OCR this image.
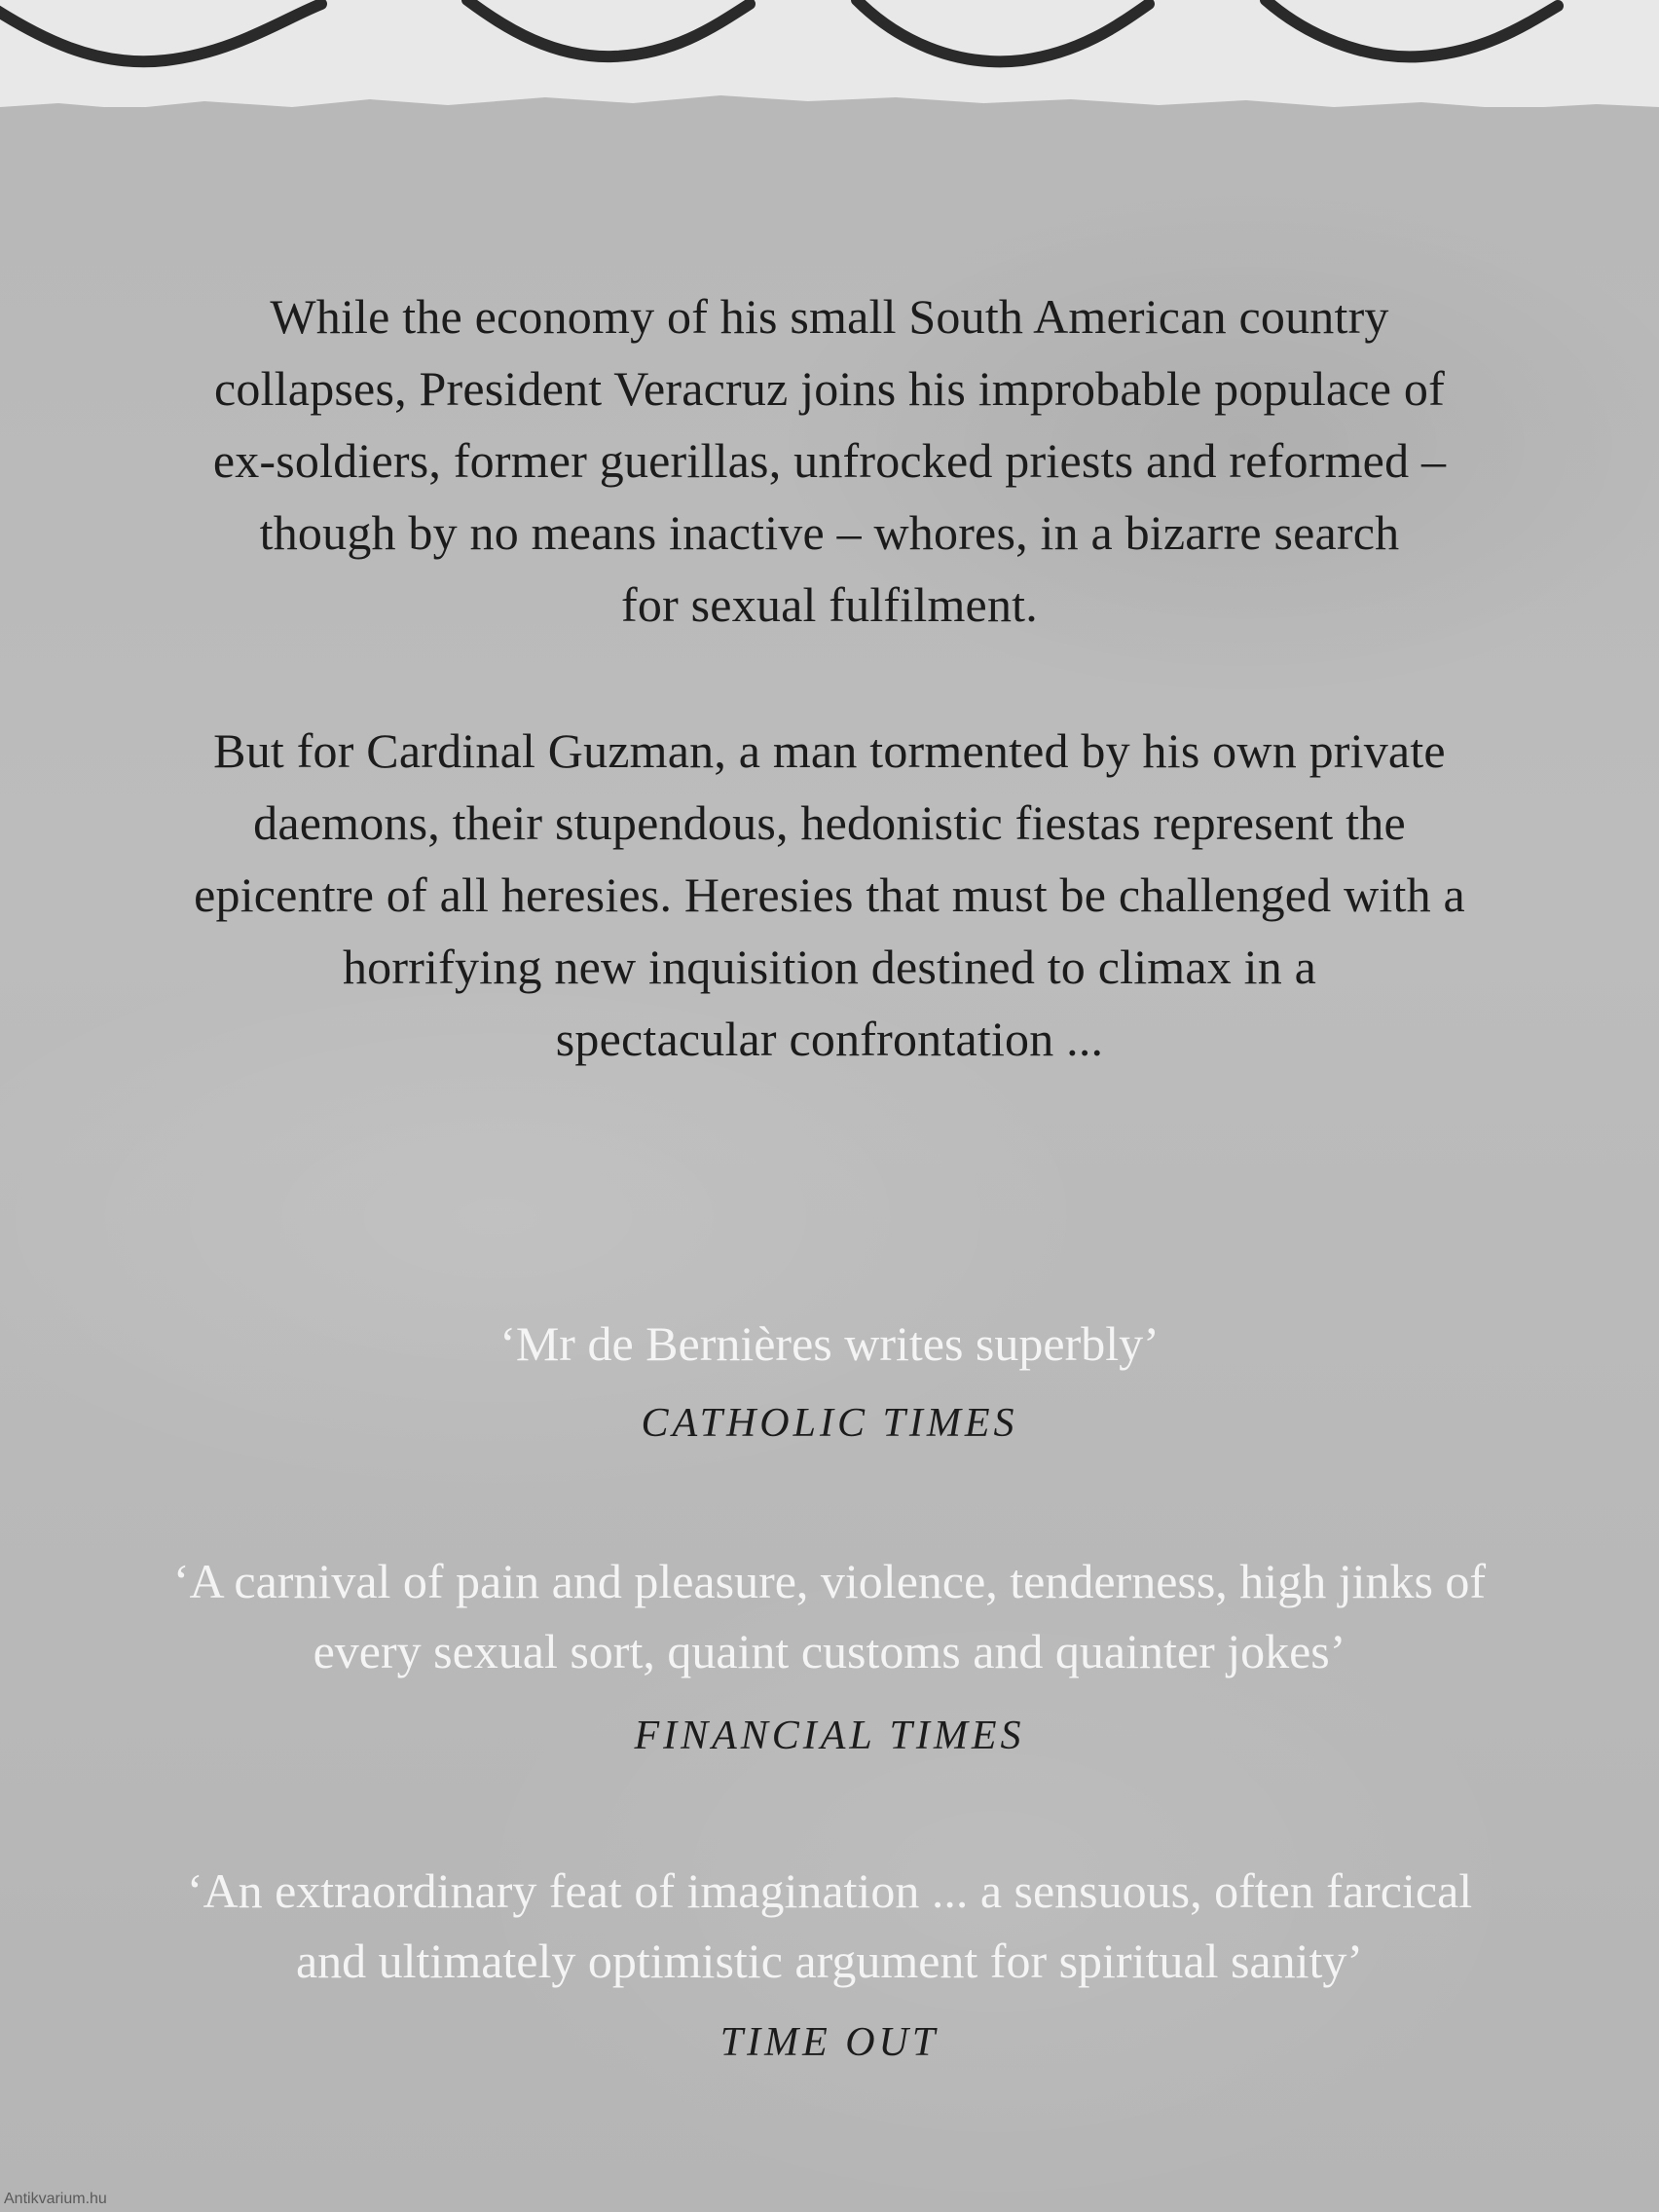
While the economy of his small South American country
collapses, President Veracruz joins his improbable populace of
ex-soldiers, former guerillas, unfrocked priests and reformed –
though by no means inactive – whores, in a bizarre search
for sexual fulfilment.
But for Cardinal Guzman, a man tormented by his own private
daemons, their stupendous, hedonistic fiestas represent the
epicentre of all heresies. Heresies that must be challenged with a
horrifying new inquisition destined to climax in a
spectacular confrontation ...
‘Mr de Bernières writes superbly’
CATHOLIC TIMES
‘A carnival of pain and pleasure, violence, tenderness, high jinks of
every sexual sort, quaint customs and quainter jokes’
FINANCIAL TIMES
‘An extraordinary feat of imagination ... a sensuous, often farcical
and ultimately optimistic argument for spiritual sanity’
TIME OUT
Antikvarium.hu
